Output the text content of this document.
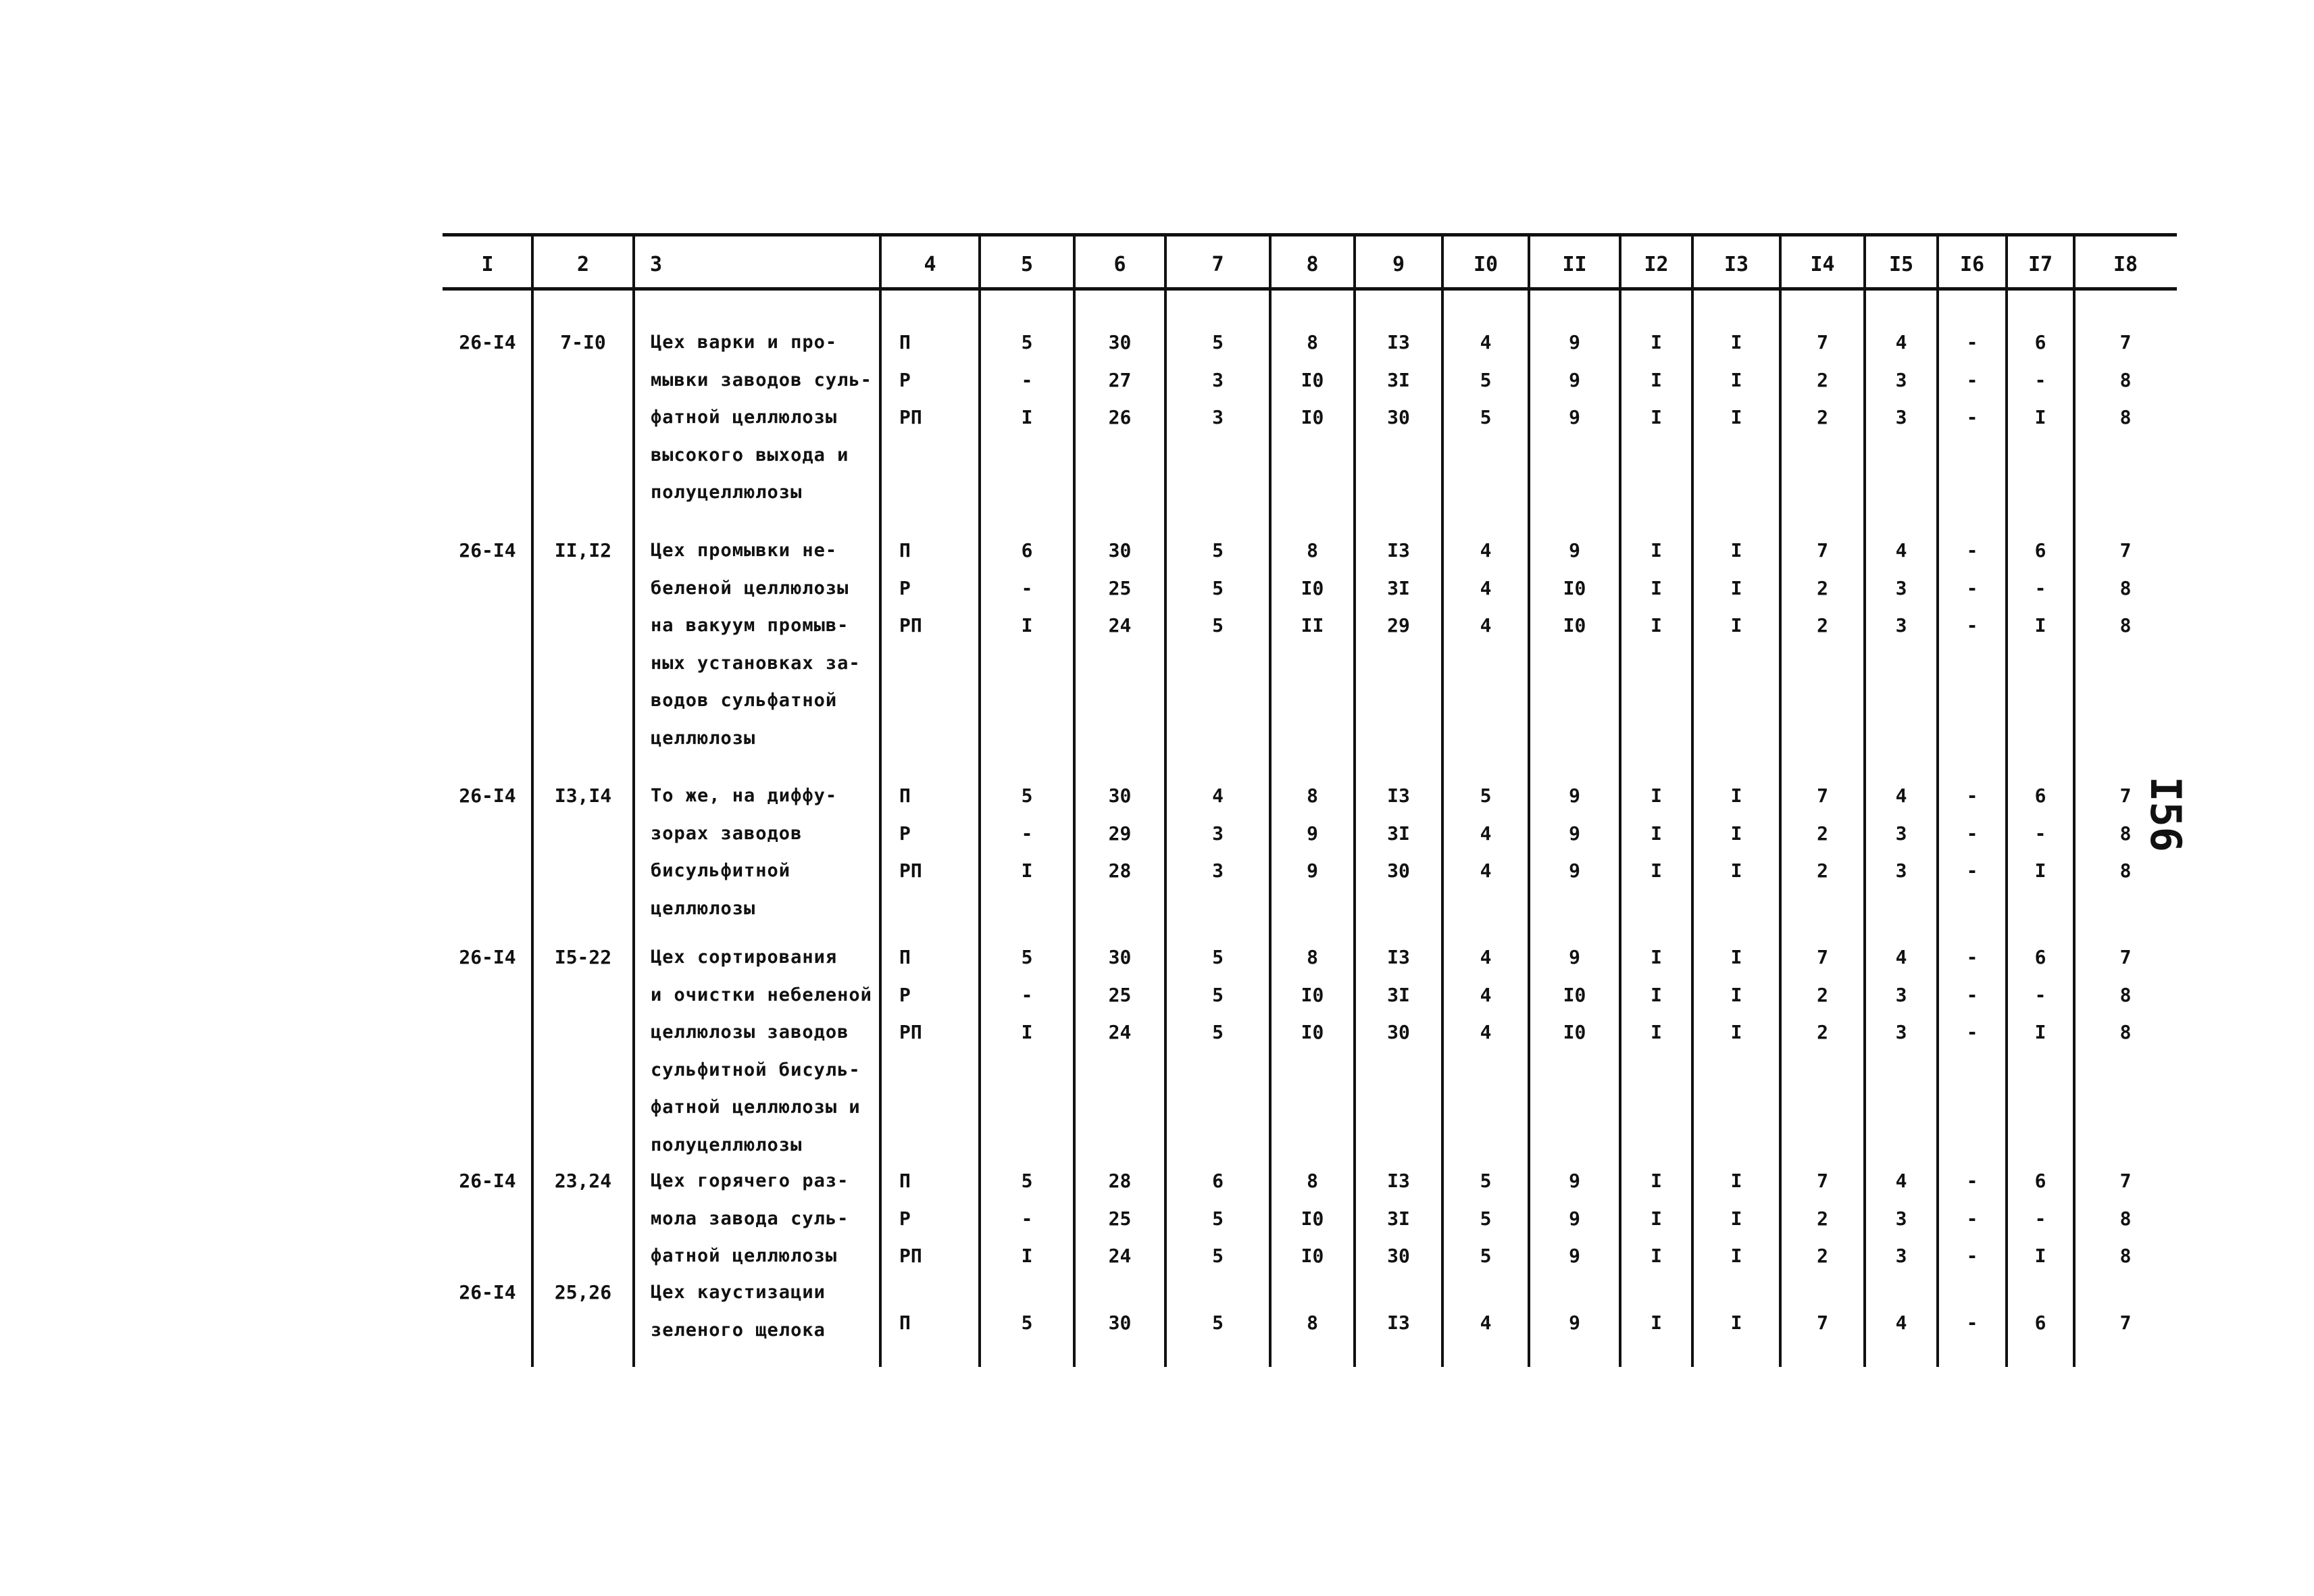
I	2	3	4	5	6	7	8	9	I0	II	I2	I3	I4	I5	I6	I7	I8
26-I4	7-I0	Цех варки и про-
мывки заводов суль-
фатной целлюлозы
высокого выхода и
полуцеллюлозы
П	5	30	5	8	I3	4	9	I	I	7	4	-	6	7
Р	-	27	3	I0	3I	5	9	I	I	2	3	-	-	8
РП	I	26	3	I0	30	5	9	I	I	2	3	-	I	8
26-I4	II,I2	Цех промывки не-
беленой целлюлозы
на вакуум промыв-
ных установках за-
водов сульфатной
целлюлозы
П	6	30	5	8	I3	4	9	I	I	7	4	-	6	7
Р	-	25	5	I0	3I	4	I0	I	I	2	3	-	-	8
РП	I	24	5	II	29	4	I0	I	I	2	3	-	I	8
26-I4	I3,I4	То же, на диффу-
зорах заводов
бисульфитной
целлюлозы
П	5	30	4	8	I3	5	9	I	I	7	4	-	6	7
Р	-	29	3	9	3I	4	9	I	I	2	3	-	-	8
РП	I	28	3	9	30	4	9	I	I	2	3	-	I	8
26-I4	I5-22	Цех сортирования
и очистки небеленой
целлюлозы заводов
сульфитной бисуль-
фатной целлюлозы и
полуцеллюлозы
П	5	30	5	8	I3	4	9	I	I	7	4	-	6	7
Р	-	25	5	I0	3I	4	I0	I	I	2	3	-	-	8
РП	I	24	5	I0	30	4	I0	I	I	2	3	-	I	8
26-I4	23,24	Цех горячего раз-
мола завода суль-
фатной целлюлозы
П	5	28	6	8	I3	5	9	I	I	7	4	-	6	7
Р	-	25	5	I0	3I	5	9	I	I	2	3	-	-	8
РП	I	24	5	I0	30	5	9	I	I	2	3	-	I	8
26-I4	25,26	Цех каустизации
зеленого щелока	П	5	30	5	8	I3	4	9	I	I	7	4	-	6	7
I56
